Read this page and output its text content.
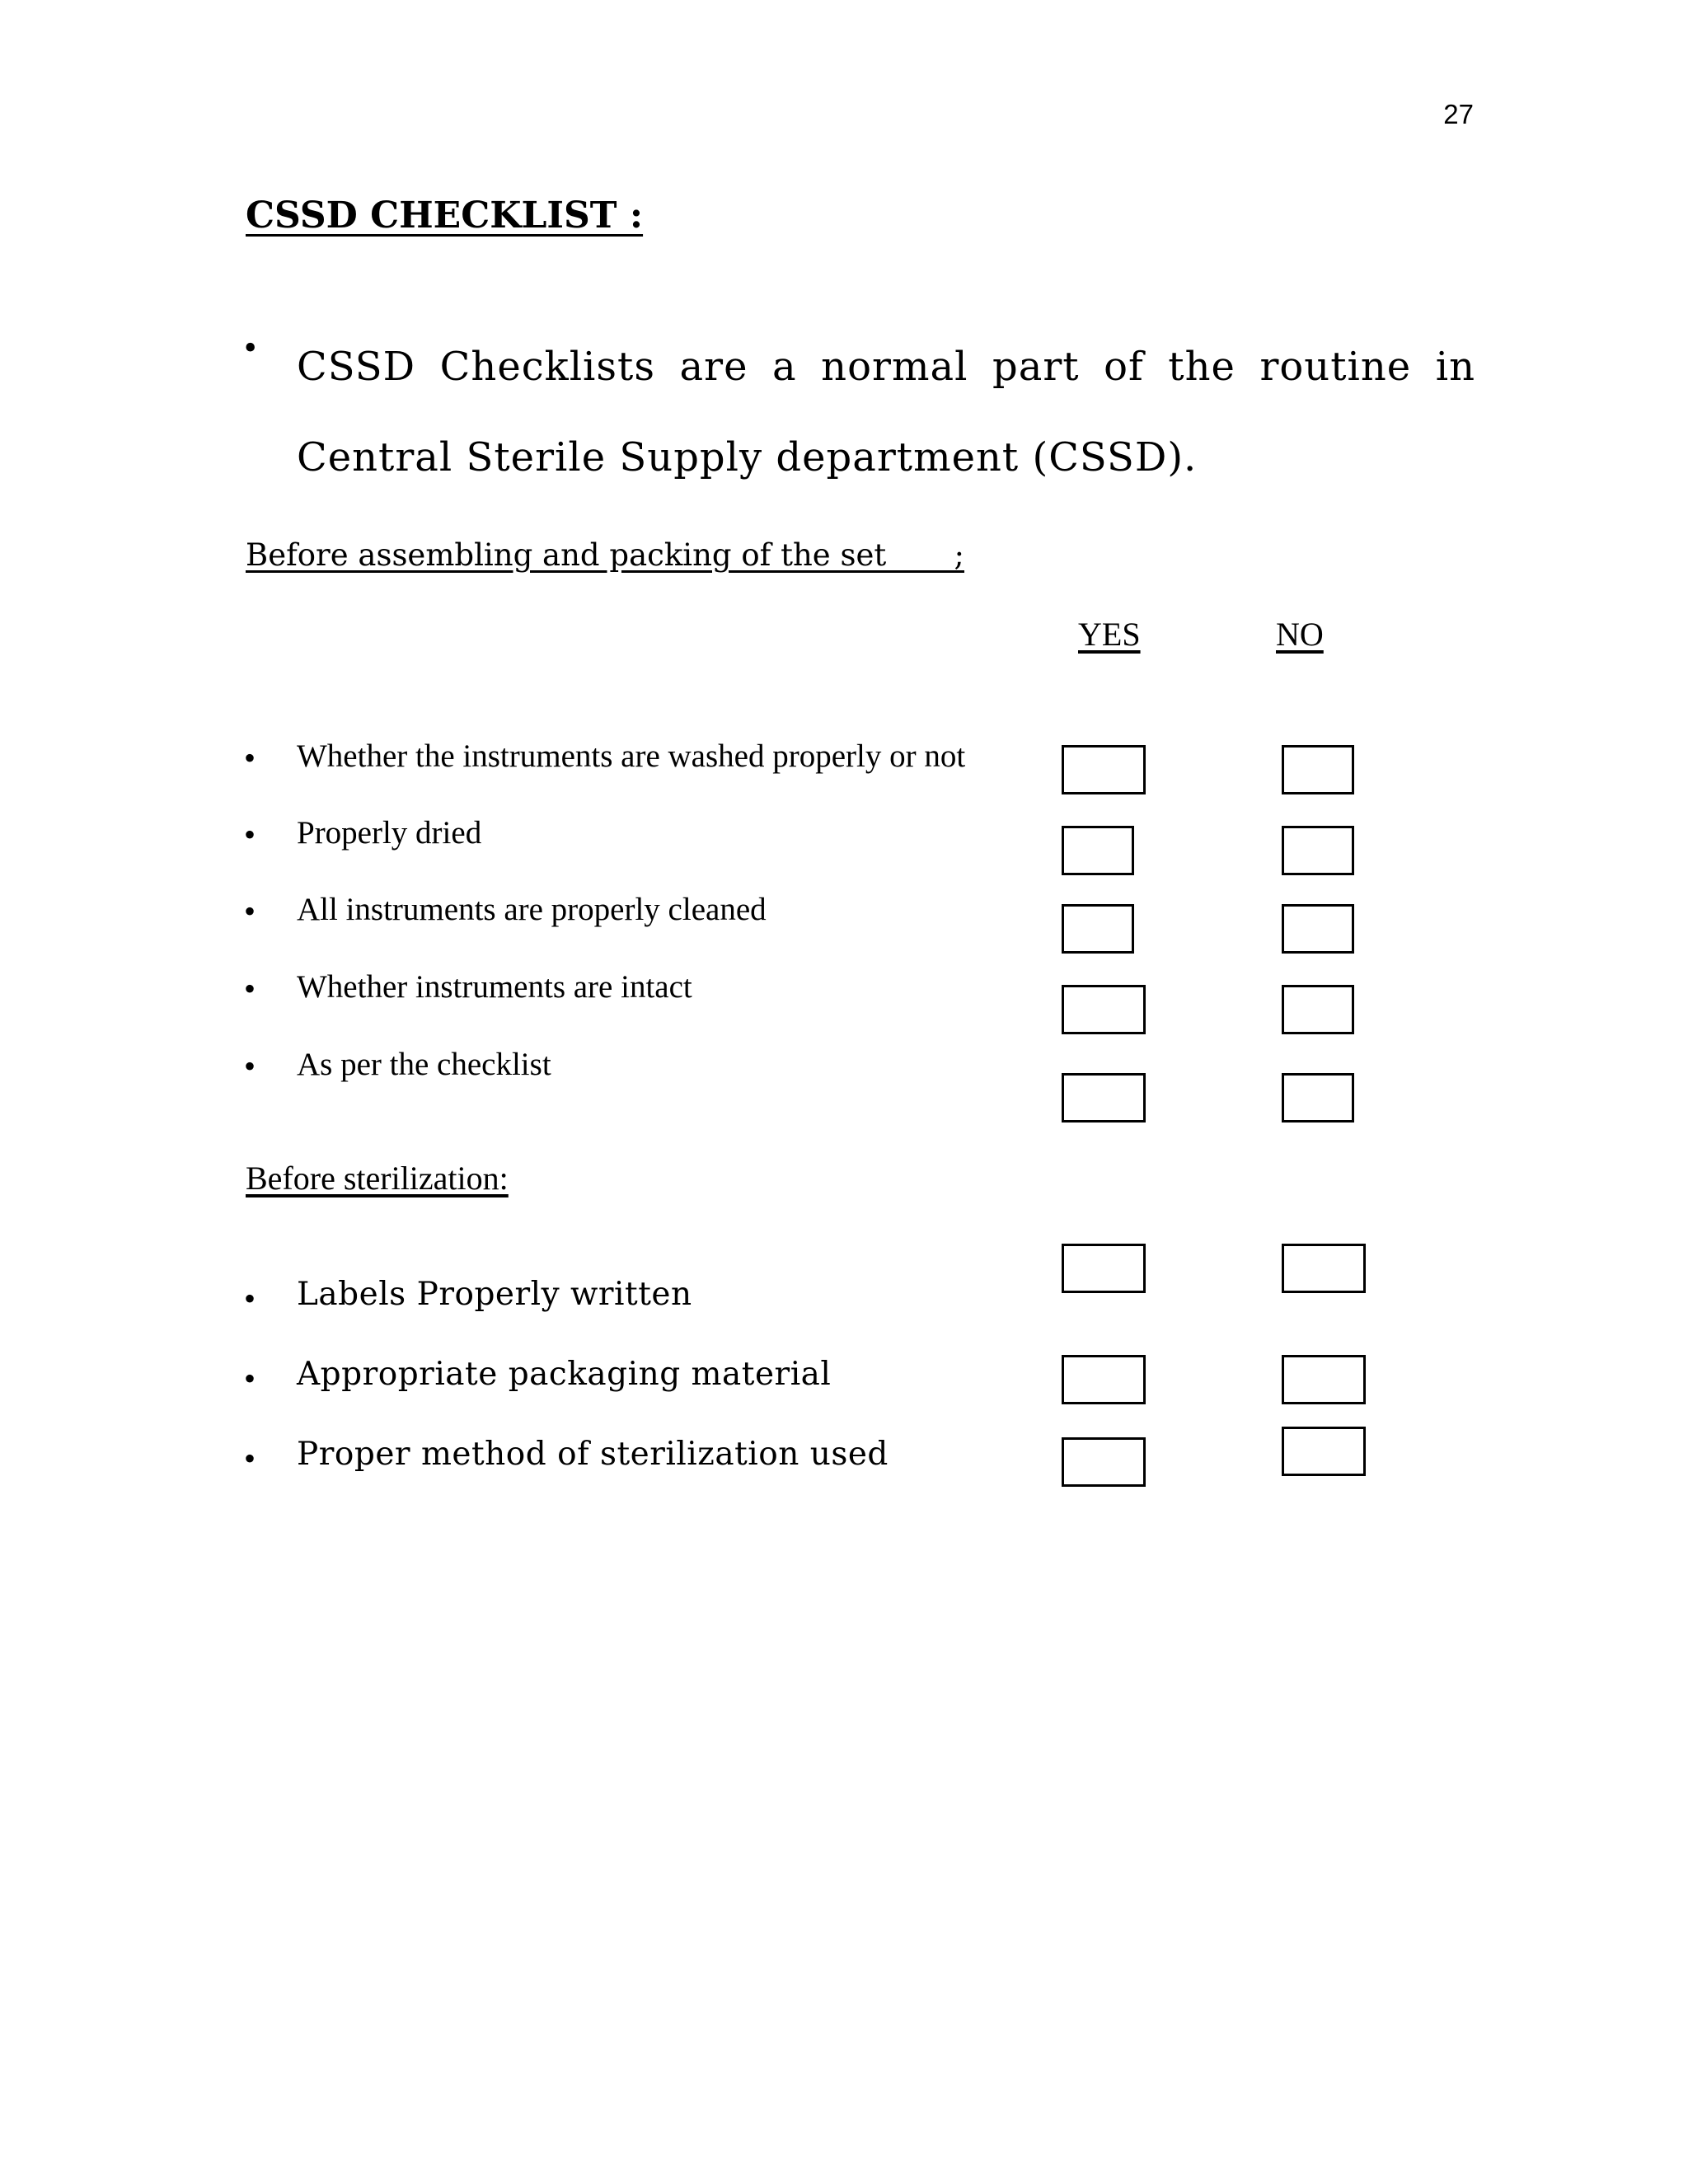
27
CSSD CHECKLIST :
• CSSD Checklists are a normal part of the routine in Central Sterile Supply department (CSSD).
Before assembling and packing of the set       ;
YES	NO
• Whether the instruments are washed properly or not
• Properly dried
• All instruments are properly cleaned
• Whether instruments are intact
• As per the checklist
Before sterilization:
• Labels Properly written
• Appropriate packaging material
• Proper method of sterilization used
